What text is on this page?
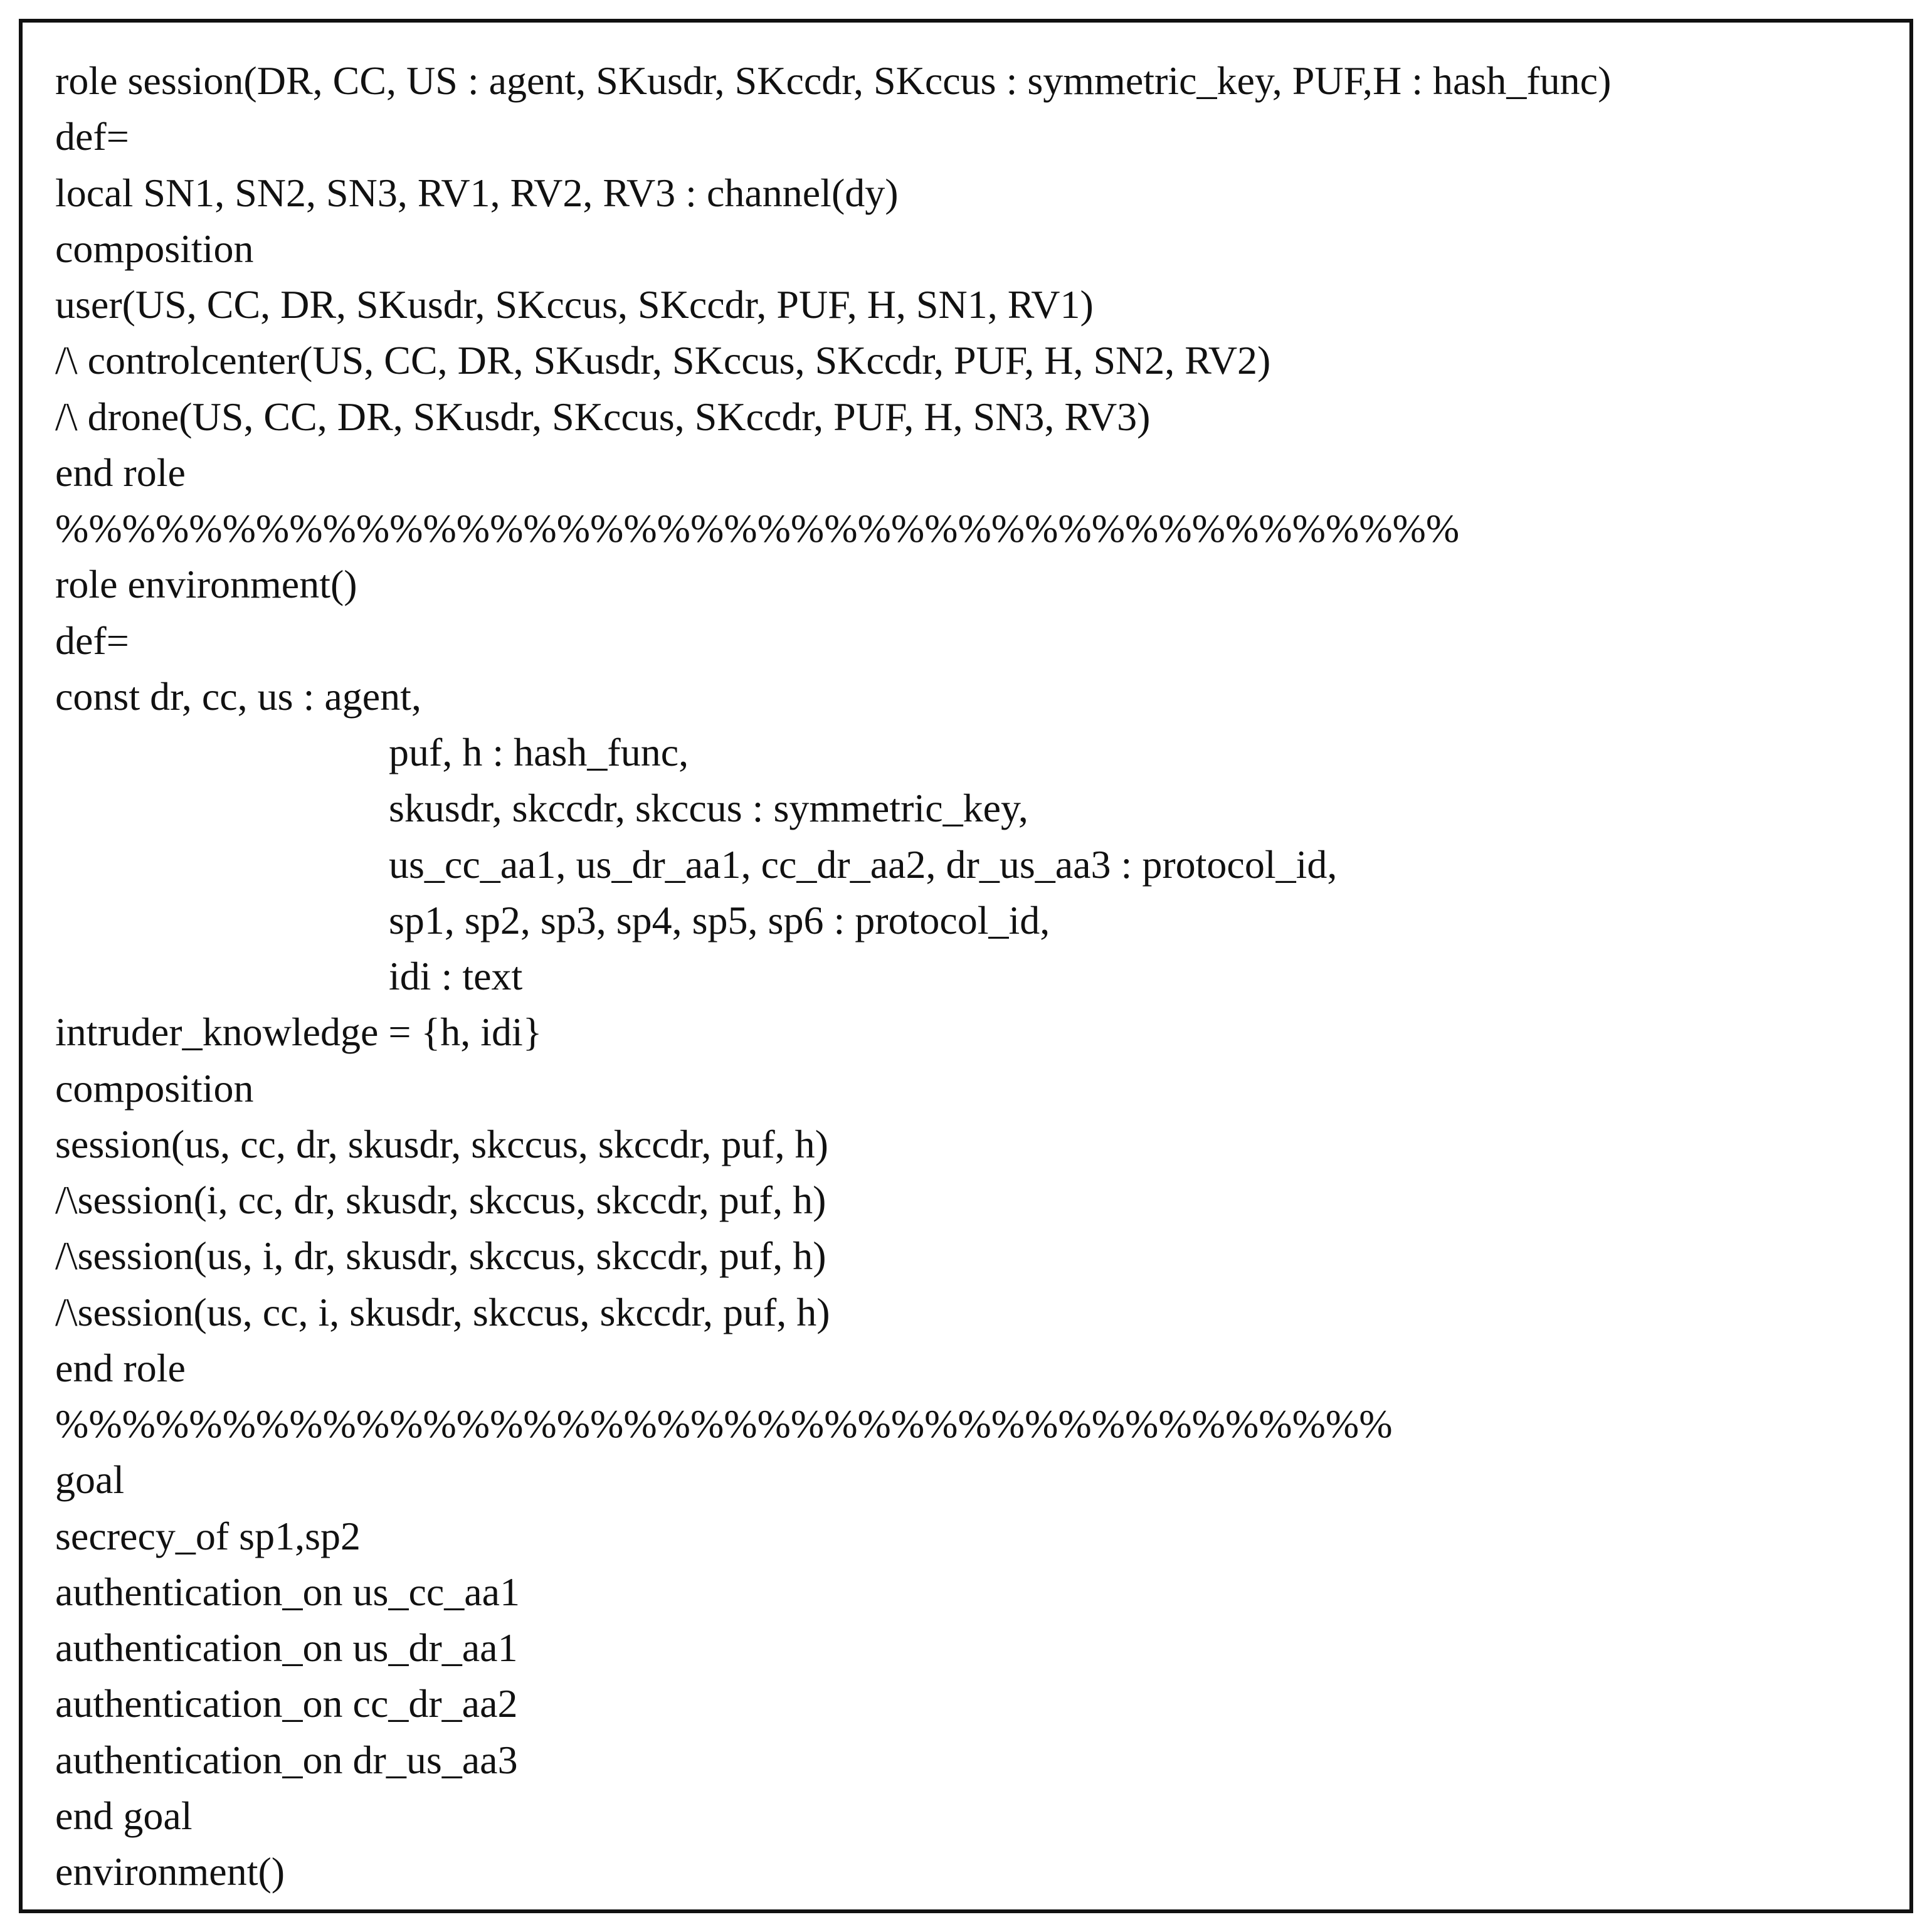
role session(DR, CC, US : agent, SKusdr, SKccdr, SKccus : symmetric_key, PUF,H : hash_func)
def=
local SN1, SN2, SN3, RV1, RV2, RV3 : channel(dy)
composition
user(US, CC, DR, SKusdr, SKccus, SKccdr, PUF, H, SN1, RV1)
/\ controlcenter(US, CC, DR, SKusdr, SKccus, SKccdr, PUF, H, SN2, RV2)
/\ drone(US, CC, DR, SKusdr, SKccus, SKccdr, PUF, H, SN3, RV3)
end role
%%%%%%%%%%%%%%%%%%%%%%%%%%%%%%%%%%%%%%%%%%
role environment()
def=
const dr, cc, us : agent,
puf, h : hash_func,
skusdr, skccdr, skccus : symmetric_key,
us_cc_aa1, us_dr_aa1, cc_dr_aa2, dr_us_aa3 : protocol_id,
sp1, sp2, sp3, sp4, sp5, sp6 : protocol_id,
idi : text
intruder_knowledge = {h, idi}
composition
session(us, cc, dr, skusdr, skccus, skccdr, puf, h)
/\session(i, cc, dr, skusdr, skccus, skccdr, puf, h)
/\session(us, i, dr, skusdr, skccus, skccdr, puf, h)
/\session(us, cc, i, skusdr, skccus, skccdr, puf, h)
end role
%%%%%%%%%%%%%%%%%%%%%%%%%%%%%%%%%%%%%%%%
goal
secrecy_of sp1,sp2
authentication_on us_cc_aa1
authentication_on us_dr_aa1
authentication_on cc_dr_aa2
authentication_on dr_us_aa3
end goal
environment()
